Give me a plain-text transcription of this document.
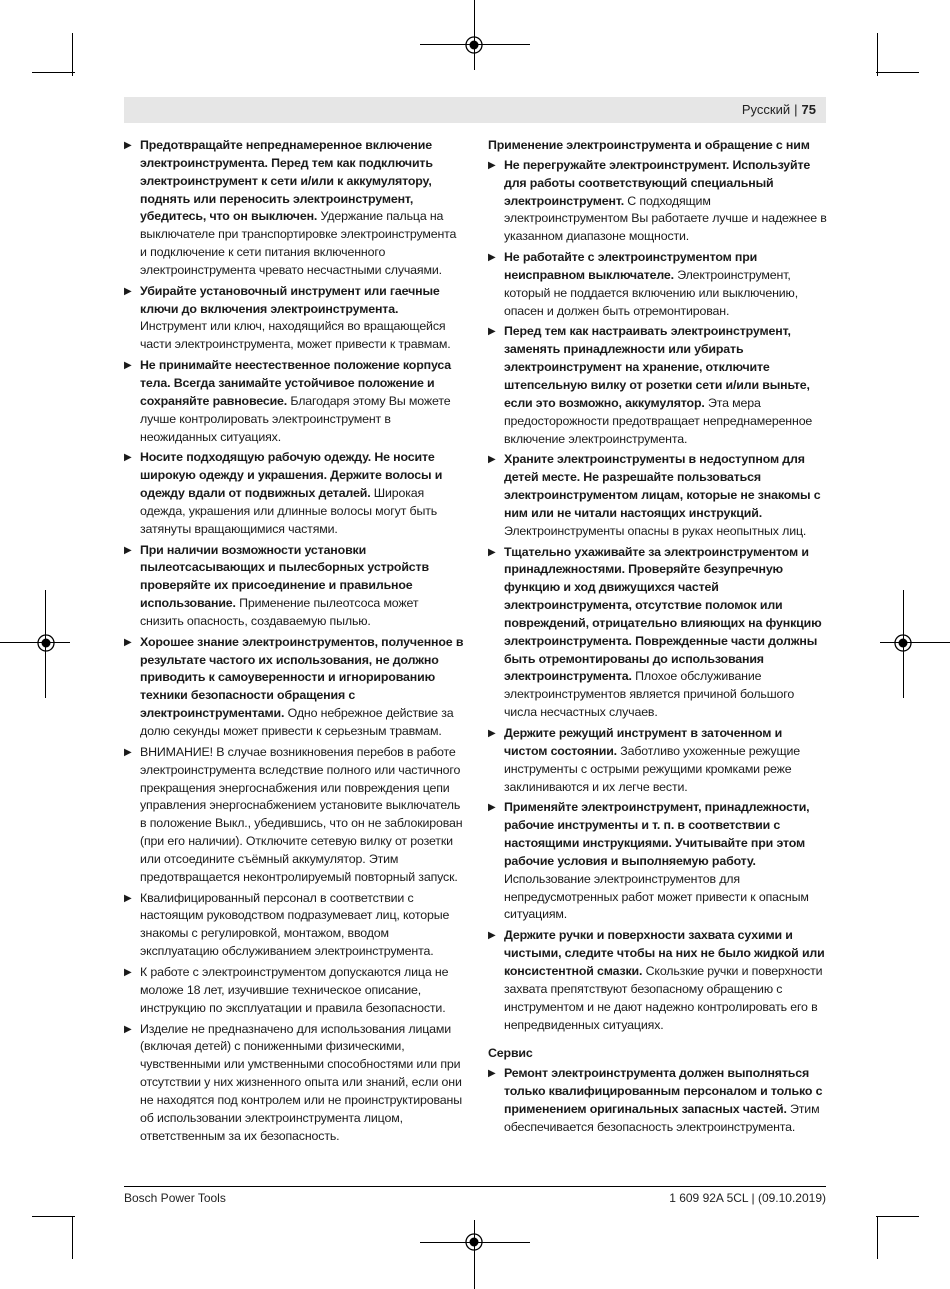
Русский | 75
▶ Предотвращайте непреднамеренное включение электроинструмента. Перед тем как подключить электроинструмент к сети и/или к аккумулятору, поднять или переносить электроинструмент, убедитесь, что он выключен. Удержание пальца на выключателе при транспортировке электроинструмента и подключение к сети питания включенного электроинструмента чревато несчастными случаями.
▶ Убирайте установочный инструмент или гаечные ключи до включения электроинструмента. Инструмент или ключ, находящийся во вращающейся части электроинструмента, может привести к травмам.
▶ Не принимайте неестественное положение корпуса тела. Всегда занимайте устойчивое положение и сохраняйте равновесие. Благодаря этому Вы можете лучше контролировать электроинструмент в неожиданных ситуациях.
▶ Носите подходящую рабочую одежду. Не носите широкую одежду и украшения. Держите волосы и одежду вдали от подвижных деталей. Широкая одежда, украшения или длинные волосы могут быть затянуты вращающимися частями.
▶ При наличии возможности установки пылеотсасывающих и пылесборных устройств проверяйте их присоединение и правильное использование. Применение пылеотсоса может снизить опасность, создаваемую пылью.
▶ Хорошее знание электроинструментов, полученное в результате частого их использования, не должно приводить к самоуверенности и игнорированию техники безопасности обращения с электроинструментами. Одно небрежное действие за долю секунды может привести к серьезным травмам.
▶ ВНИМАНИЕ! В случае возникновения перебов в работе электроинструмента вследствие полного или частичного прекращения энергоснабжения или повреждения цепи управления энергоснабжением установите выключатель в положение Выкл., убедившись, что он не заблокирован (при его наличии). Отключите сетевую вилку от розетки или отсоедините съёмный аккумулятор. Этим предотвращается неконтролируемый повторный запуск.
▶ Квалифицированный персонал в соответствии с настоящим руководством подразумевает лиц, которые знакомы с регулировкой, монтажом, вводом эксплуатацию обслуживанием электроинструмента.
▶ К работе с электроинструментом допускаются лица не моложе 18 лет, изучившие техническое описание, инструкцию по эксплуатации и правила безопасности.
▶ Изделие не предназначено для использования лицами (включая детей) с пониженными физическими, чувственными или умственными способностями или при отсутствии у них жизненного опыта или знаний, если они не находятся под контролем или не проинструктированы об использовании электроинструмента лицом, ответственным за их безопасность.
Применение электроинструмента и обращение с ним
▶ Не перегружайте электроинструмент. Используйте для работы соответствующий специальный электроинструмент. С подходящим электроинструментом Вы работаете лучше и надежнее в указанном диапазоне мощности.
▶ Не работайте с электроинструментом при неисправном выключателе. Электроинструмент, который не поддается включению или выключению, опасен и должен быть отремонтирован.
▶ Перед тем как настраивать электроинструмент, заменять принадлежности или убирать электроинструмент на хранение, отключите штепсельную вилку от розетки сети и/или выньте, если это возможно, аккумулятор. Эта мера предосторожности предотвращает непреднамеренное включение электроинструмента.
▶ Храните электроинструменты в недоступном для детей месте. Не разрешайте пользоваться электроинструментом лицам, которые не знакомы с ним или не читали настоящих инструкций. Электроинструменты опасны в руках неопытных лиц.
▶ Тщательно ухаживайте за электроинструментом и принадлежностями. Проверяйте безупречную функцию и ход движущихся частей электроинструмента, отсутствие поломок или повреждений, отрицательно влияющих на функцию электроинструмента. Поврежденные части должны быть отремонтированы до использования электроинструмента. Плохое обслуживание электроинструментов является причиной большого числа несчастных случаев.
▶ Держите режущий инструмент в заточенном и чистом состоянии. Заботливо ухоженные режущие инструменты с острыми режущими кромками реже заклиниваются и их легче вести.
▶ Применяйте электроинструмент, принадлежности, рабочие инструменты и т. п. в соответствии с настоящими инструкциями. Учитывайте при этом рабочие условия и выполняемую работу. Использование электроинструментов для непредусмотренных работ может привести к опасным ситуациям.
▶ Держите ручки и поверхности захвата сухими и чистыми, следите чтобы на них не было жидкой или консистентной смазки. Скользкие ручки и поверхности захвата препятствуют безопасному обращению с инструментом и не дают надежно контролировать его в непредвиденных ситуациях.
Сервис
▶ Ремонт электроинструмента должен выполняться только квалифицированным персоналом и только с применением оригинальных запасных частей. Этим обеспечивается безопасность электроинструмента.
Bosch Power Tools	1 609 92A 5CL | (09.10.2019)
